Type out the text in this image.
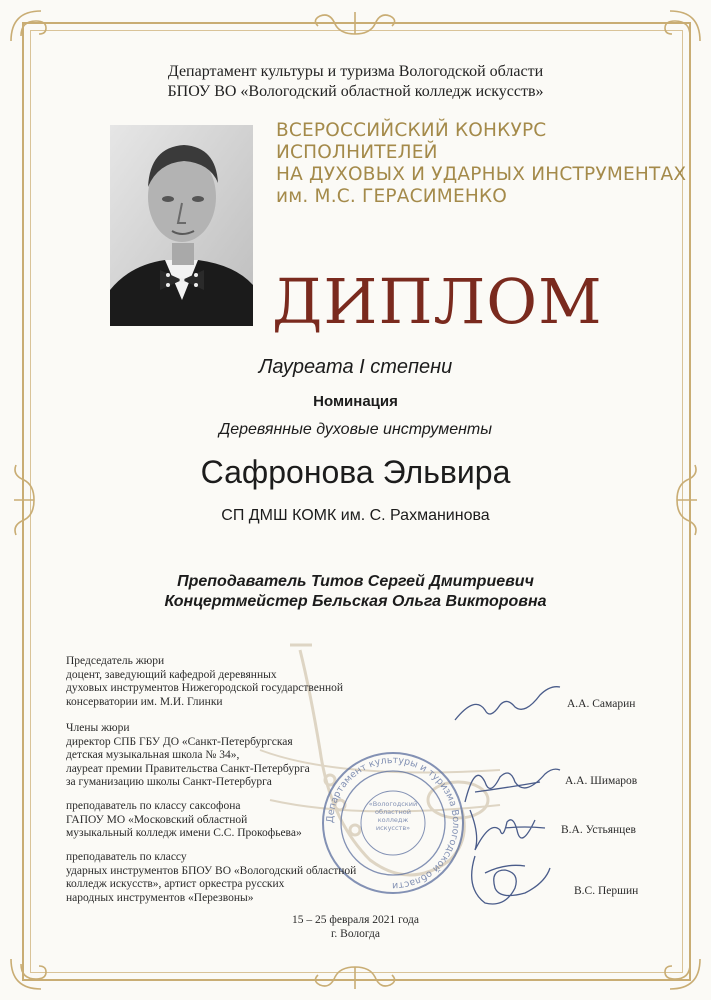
Департамент культуры и туризма Вологодской области
БПОУ ВО «Вологодский областной колледж искусств»
ВСЕРОССИЙСКИЙ КОНКУРС
ИСПОЛНИТЕЛЕЙ
НА ДУХОВЫХ И УДАРНЫХ ИНСТРУМЕНТАХ
им. М.С. ГЕРАСИМЕНКО
ДИПЛОМ
Лауреата I степени
Номинация
Деревянные духовые инструменты
Сафронова Эльвира
СП ДМШ КОМК им. С. Рахманинова
Преподаватель Титов Сергей Дмитриевич
Концертмейстер Бельская Ольга Викторовна
Департамент культуры и туризма Вологодской области
«Вологодский областной колледж искусств»
Председатель жюри
доцент, заведующий кафедрой деревянных
духовых инструментов Нижегородской государственной
консерватории им. М.И. Глинки
Члены жюри
директор СПБ ГБУ ДО «Санкт-Петербургская
детская музыкальная школа № 34»,
лауреат премии Правительства Санкт-Петербурга
за гуманизацию школы Санкт-Петербурга
преподаватель по классу саксофона
ГАПОУ МО «Московский областной
музыкальный колледж имени С.С. Прокофьева»
преподаватель по классу
ударных инструментов БПОУ ВО «Вологодский областной
колледж искусств», артист оркестра русских
народных инструментов «Перезвоны»
А.А. Самарин
А.А. Шимаров
В.А. Устьянцев
В.С. Першин
15 – 25 февраля 2021 года
г. Вологда
